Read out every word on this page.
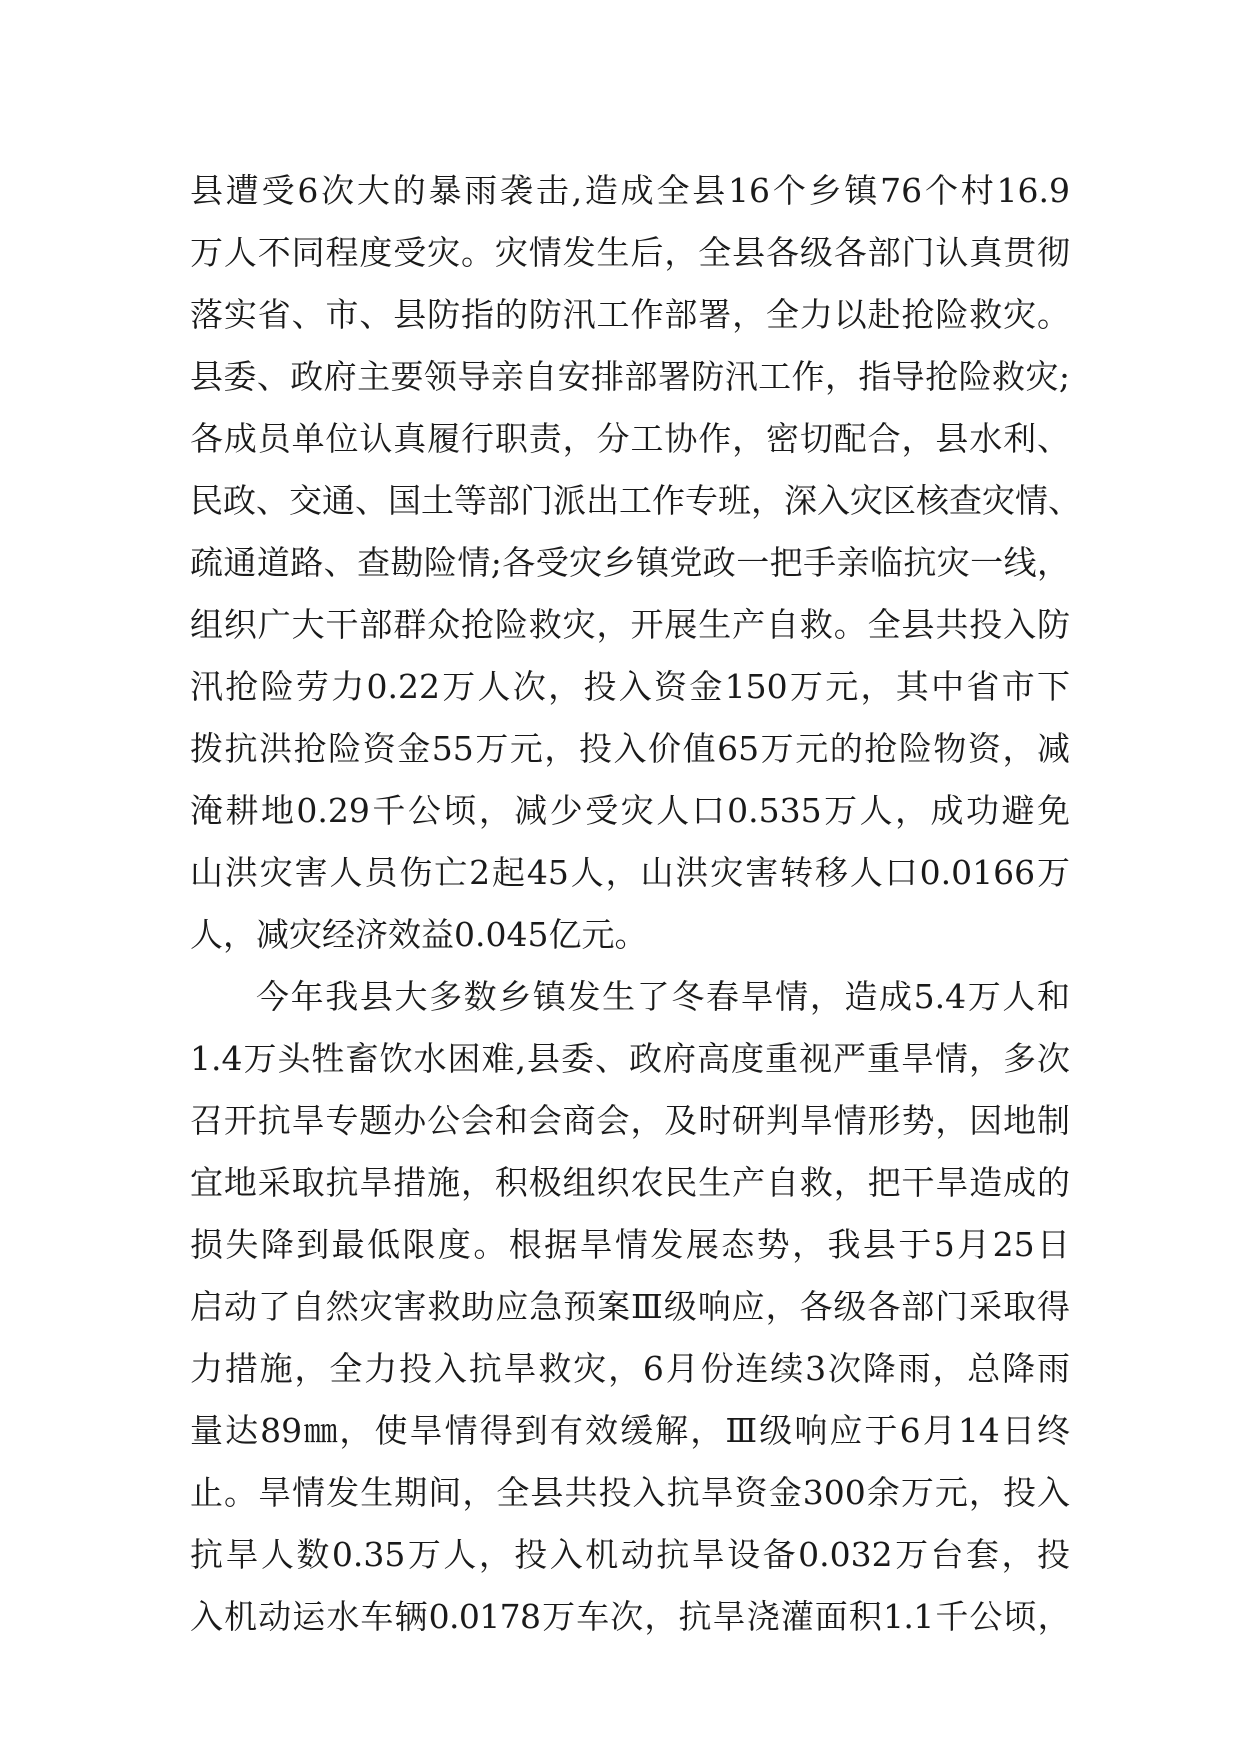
县遭受6次大的暴雨袭击,造成全县16个乡镇76个村16.9
万人不同程度受灾。灾情发生后，全县各级各部门认真贯彻
落实省、市、县防指的防汛工作部署，全力以赴抢险救灾。
县委、政府主要领导亲自安排部署防汛工作，指导抢险救灾;
各成员单位认真履行职责，分工协作，密切配合，县水利、
民政、交通、国土等部门派出工作专班，深入灾区核查灾情、
疏通道路、查勘险情;各受灾乡镇党政一把手亲临抗灾一线，
组织广大干部群众抢险救灾，开展生产自救。全县共投入防
汛抢险劳力0.22万人次，投入资金150万元，其中省市下
拨抗洪抢险资金55万元，投入价值65万元的抢险物资，减
淹耕地0.29千公顷，减少受灾人口0.535万人，成功避免
山洪灾害人员伤亡2起45人，山洪灾害转移人口0.0166万
人，减灾经济效益0.045亿元。
今年我县大多数乡镇发生了冬春旱情，造成5.4万人和
1.4万头牲畜饮水困难,县委、政府高度重视严重旱情，多次
召开抗旱专题办公会和会商会，及时研判旱情形势，因地制
宜地采取抗旱措施，积极组织农民生产自救，把干旱造成的
损失降到最低限度。根据旱情发展态势，我县于5月25日
启动了自然灾害救助应急预案Ⅲ级响应，各级各部门采取得
力措施，全力投入抗旱救灾，6月份连续3次降雨，总降雨
量达89㎜，使旱情得到有效缓解，Ⅲ级响应于6月14日终
止。旱情发生期间，全县共投入抗旱资金300余万元，投入
抗旱人数0.35万人，投入机动抗旱设备0.032万台套，投
入机动运水车辆0.0178万车次，抗旱浇灌面积1.1千公顷，
